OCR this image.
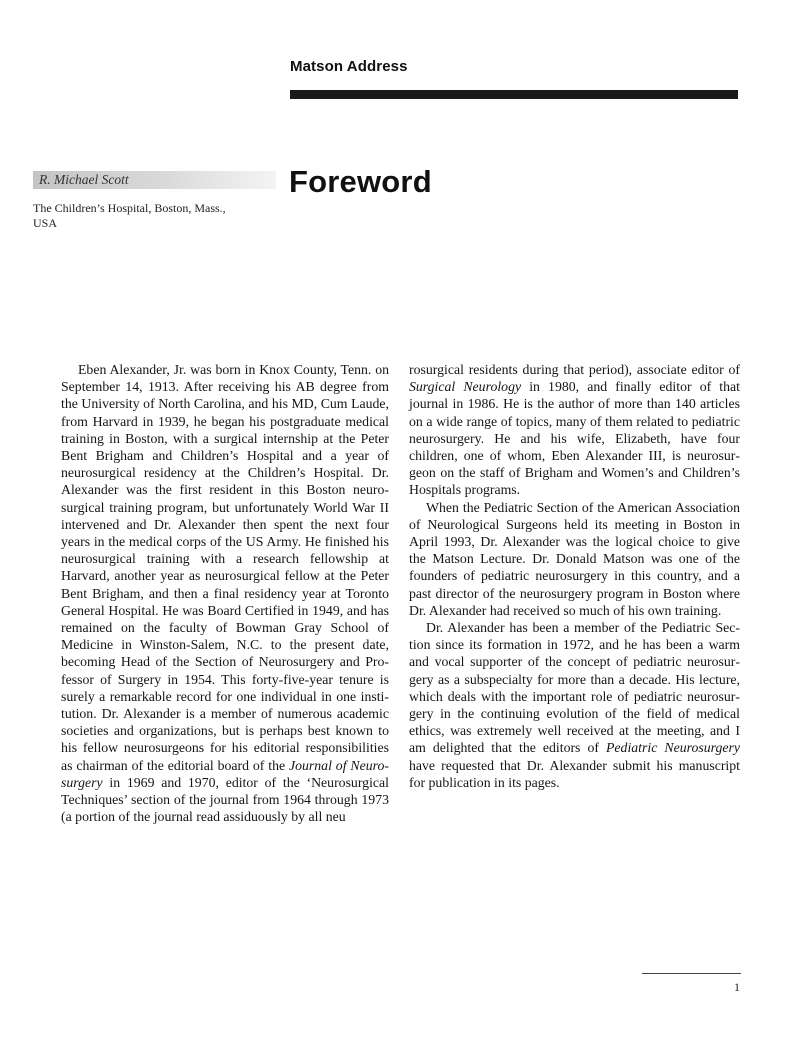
Matson Address
R. Michael Scott
The Children’s Hospital, Boston, Mass.,
USA
Foreword

Eben Alexander, Jr. was born in Knox County, Tenn. on September 14, 1913. After receiving his AB degree from the University of North Carolina, and his MD, Cum Laude, from Harvard in 1939, he began his postgraduate medical training in Boston, with a surgical internship at the Peter Bent Brigham and Children’s Hospital and a year of neurosurgical residency at the Children’s Hospital. Dr. Alexander was the first resident in this Boston neurosurgical training program, but unfortunately World War II intervened and Dr. Alexander then spent the next four years in the medical corps of the US Army. He finished his neurosurgical training with a research fellowship at Harvard, another year as neurosurgical fellow at the Peter Bent Brigham, and then a final residency year at Toronto General Hospital. He was Board Certified in 1949, and has remained on the faculty of Bowman Gray School of Medicine in Winston-Salem, N.C. to the present date, becoming Head of the Section of Neurosurgery and Professor of Surgery in 1954. This forty-five-year tenure is surely a remarkable record for one individual in one institution. Dr. Alexander is a member of numerous academic societies and organizations, but is perhaps best known to his fellow neurosurgeons for his editorial responsibilities as chairman of the editorial board of the Journal of Neurosurgery in 1969 and 1970, editor of the ‘Neurosurgical Techniques’ section of the journal from 1964 through 1973 (a portion of the journal read assiduously by all neu

rosurgical residents during that period), associate editor of Surgical Neurology in 1980, and finally editor of that journal in 1986. He is the author of more than 140 articles on a wide range of topics, many of them related to pediatric neurosurgery. He and his wife, Elizabeth, have four children, one of whom, Eben Alexander III, is neurosurgeon on the staff of Brigham and Women’s and Children’s Hospitals programs.

When the Pediatric Section of the American Association of Neurological Surgeons held its meeting in Boston in April 1993, Dr. Alexander was the logical choice to give the Matson Lecture. Dr. Donald Matson was one of the founders of pediatric neurosurgery in this country, and a past director of the neurosurgery program in Boston where Dr. Alexander had received so much of his own training.

Dr. Alexander has been a member of the Pediatric Section since its formation in 1972, and he has been a warm and vocal supporter of the concept of pediatric neurosurgery as a subspecialty for more than a decade. His lecture, which deals with the important role of pediatric neurosurgery in the continuing evolution of the field of medical ethics, was extremely well received at the meeting, and I am delighted that the editors of Pediatric Neurosurgery have requested that Dr. Alexander submit his manuscript for publication in its pages.

1
